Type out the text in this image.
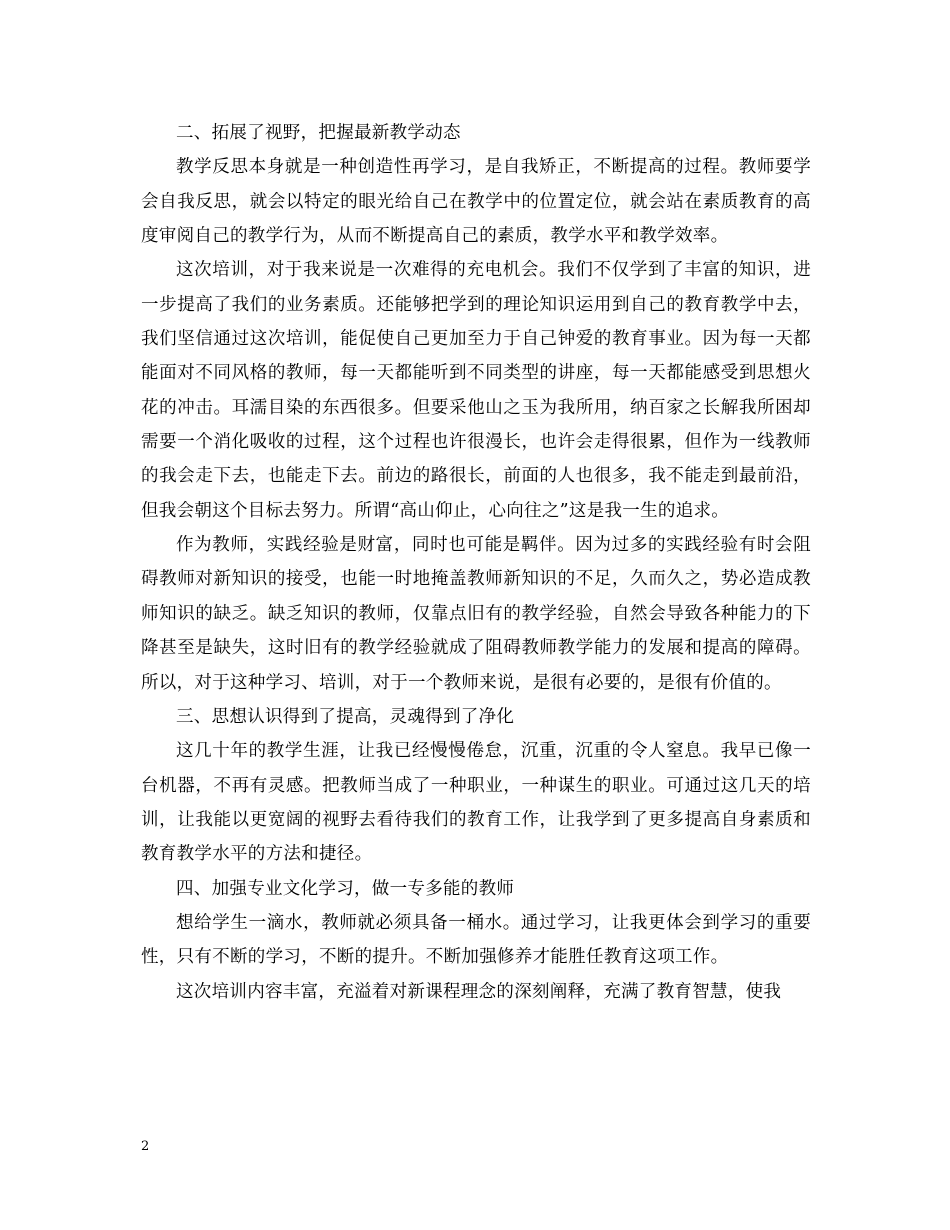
二、拓展了视野，把握最新教学动态

教学反思本身就是一种创造性再学习，是自我矫正，不断提高的过程。教师要学会自我反思，就会以特定的眼光给自己在教学中的位置定位，就会站在素质教育的高度审阅自己的教学行为，从而不断提高自己的素质，教学水平和教学效率。

这次培训，对于我来说是一次难得的充电机会。我们不仅学到了丰富的知识，进一步提高了我们的业务素质。还能够把学到的理论知识运用到自己的教育教学中去，我们坚信通过这次培训，能促使自己更加至力于自己钟爱的教育事业。因为每一天都能面对不同风格的教师，每一天都能听到不同类型的讲座，每一天都能感受到思想火花的冲击。耳濡目染的东西很多。但要采他山之玉为我所用，纳百家之长解我所困却需要一个消化吸收的过程，这个过程也许很漫长，也许会走得很累，但作为一线教师的我会走下去，也能走下去。前边的路很长，前面的人也很多，我不能走到最前沿，但我会朝这个目标去努力。所谓“高山仰止，心向往之”这是我一生的追求。

作为教师，实践经验是财富，同时也可能是羁伴。因为过多的实践经验有时会阻碍教师对新知识的接受，也能一时地掩盖教师新知识的不足，久而久之，势必造成教师知识的缺乏。缺乏知识的教师，仅靠点旧有的教学经验，自然会导致各种能力的下降甚至是缺失，这时旧有的教学经验就成了阻碍教师教学能力的发展和提高的障碍。所以，对于这种学习、培训，对于一个教师来说，是很有必要的，是很有价值的。

三、思想认识得到了提高，灵魂得到了净化

这几十年的教学生涯，让我已经慢慢倦怠，沉重，沉重的令人窒息。我早已像一台机器，不再有灵感。把教师当成了一种职业，一种谋生的职业。可通过这几天的培训，让我能以更宽阔的视野去看待我们的教育工作，让我学到了更多提高自身素质和教育教学水平的方法和捷径。

四、加强专业文化学习，做一专多能的教师

想给学生一滴水，教师就必须具备一桶水。通过学习，让我更体会到学习的重要性，只有不断的学习，不断的提升。不断加强修养才能胜任教育这项工作。

这次培训内容丰富，充溢着对新课程理念的深刻阐释，充满了教育智慧，使我

2
